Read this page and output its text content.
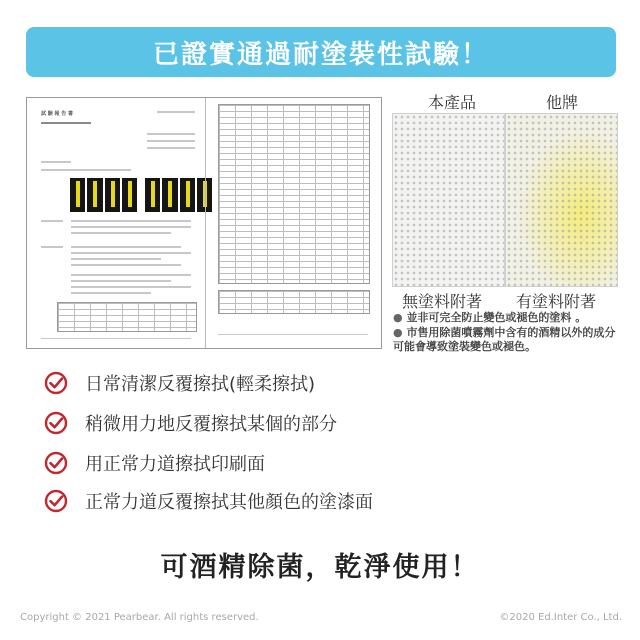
已證實通過耐塗裝性試驗！
試 験 報 告 書
本產品	他牌
無塗料附著 有塗料附著
● 並非可完全防止變色或褪色的塗料 。
● 市售用除菌噴霧劑中含有的酒精以外的成分可能會導致塗裝變色或褪色。
日常清潔反覆擦拭(輕柔擦拭)
稍微用力地反覆擦拭某個的部分
用正常力道擦拭印刷面
正常力道反覆擦拭其他顏色的塗漆面
可酒精除菌，乾淨使用！
Copyright © 2021 Pearbear. All rights reserved.	©2020 Ed.Inter Co., Ltd.
